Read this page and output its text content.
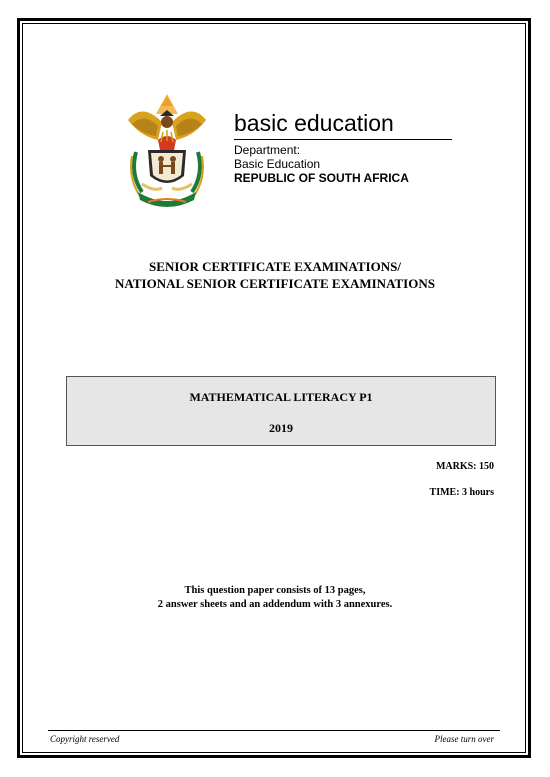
basic education
Department:
Basic Education
REPUBLIC OF SOUTH AFRICA
SENIOR CERTIFICATE EXAMINATIONS/
NATIONAL SENIOR CERTIFICATE EXAMINATIONS
MATHEMATICAL LITERACY P1
2019
MARKS: 150
TIME: 3 hours
This question paper consists of 13 pages,
2 answer sheets and an addendum with 3 annexures.
Copyright reserved	Please turn over
